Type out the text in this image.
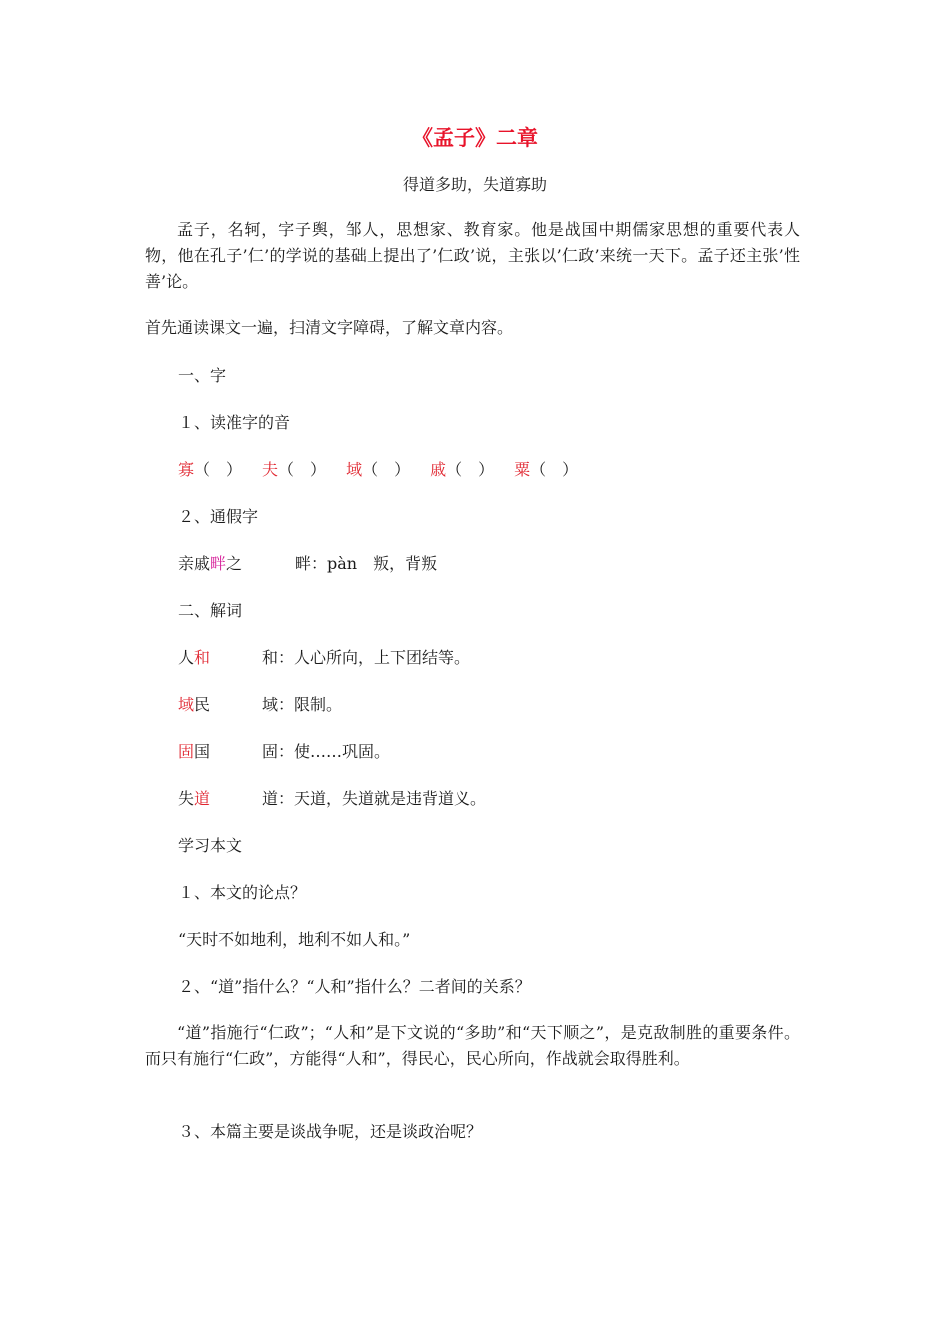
《孟子》二章
得道多助，失道寡助
孟子，名轲，字子舆，邹人，思想家、教育家。他是战国中期儒家思想的重要代表人物，他在孔子’仁’的学说的基础上提出了’仁政’说，主张以’仁政’来统一天下。孟子还主张’性善’论。
首先通读课文一遍，扫清文字障碍，了解文章内容。
一、字
１、读准字的音
寡（　） 夫（　） 域（　） 戚（　） 粟（　）
２、通假字
亲戚畔之	畔：pàn　叛，背叛
二、解词
人和	和：人心所向，上下团结等。
域民	域：限制。
固国	固：使……巩固。
失道	道：天道，失道就是违背道义。
学习本文
１、本文的论点？
“天时不如地利，地利不如人和。”
２、“道”指什么？“人和”指什么？二者间的关系？
“道”指施行“仁政”；“人和”是下文说的“多助”和“天下顺之”，是克敌制胜的重要条件。而只有施行“仁政”，方能得“人和”，得民心，民心所向，作战就会取得胜利。
３、本篇主要是谈战争呢，还是谈政治呢？
